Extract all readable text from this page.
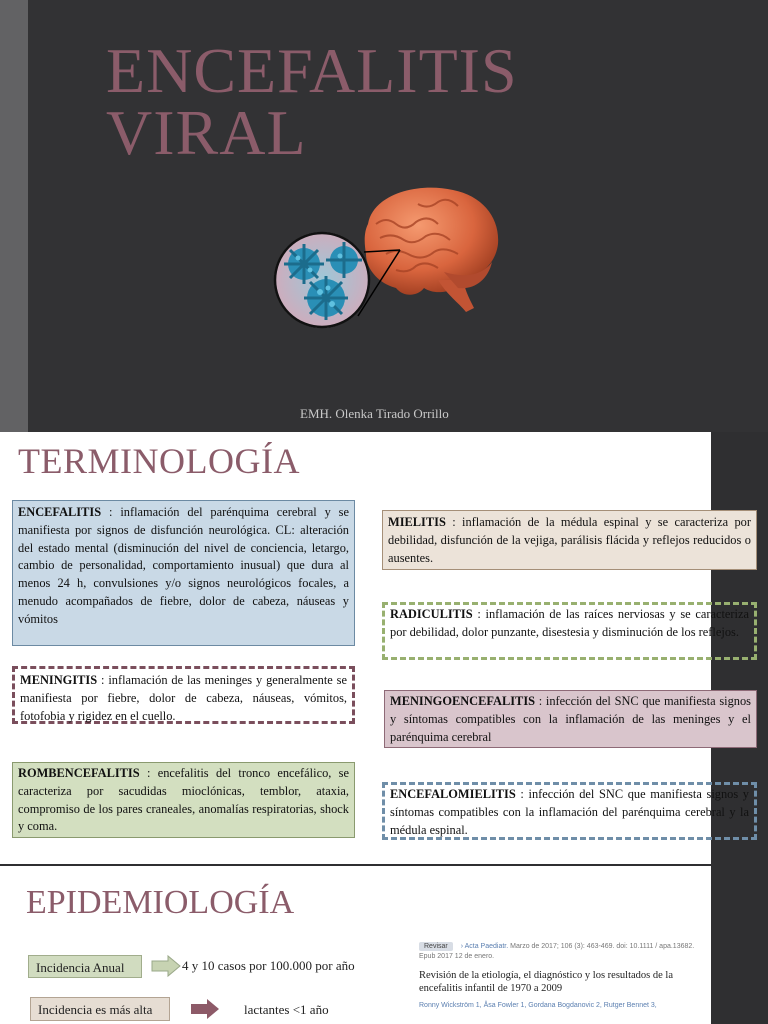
ENCEFALITIS
VIRAL
EMH. Olenka Tirado Orrillo
TERMINOLOGÍA
ENCEFALITIS : inflamación del parénquima cerebral y se manifiesta por signos de disfunción neurológica. CL: alteración del estado mental (disminución del nivel de conciencia, letargo, cambio de personalidad, comportamiento inusual) que dura al menos 24 h, convulsiones y/o signos neurológicos focales, a menudo acompañados de fiebre, dolor de cabeza, náuseas y vómitos
MENINGITIS : inflamación de las meninges y generalmente se manifiesta por fiebre, dolor de cabeza, náuseas, vómitos, fotofobia y rigidez en el cuello.
ROMBENCEFALITIS : encefalitis del tronco encefálico, se caracteriza por sacudidas mioclónicas, temblor, ataxia, compromiso de los pares craneales, anomalías respiratorias, shock y coma.
MIELITIS : inflamación de la médula espinal y se caracteriza por debilidad, disfunción de la vejiga, parálisis flácida y reflejos reducidos o ausentes.
RADICULITIS : inflamación de las raíces nerviosas y se caracteriza por debilidad, dolor punzante, disestesia y disminución de los reflejos.
MENINGOENCEFALITIS : infección del SNC que manifiesta signos y síntomas compatibles con la inflamación de las meninges y el parénquima cerebral
ENCEFALOMIELITIS : infección del SNC que manifiesta signos y síntomas compatibles con la inflamación del parénquima cerebral y la médula espinal.
EPIDEMIOLOGÍA
Incidencia Anual	4 y 10 casos por 100.000 por año
Incidencia es más alta	lactantes <1 año
Revisar › Acta Paediatr. Marzo de 2017; 106 (3): 463-469. doi: 10.1111 / apa.13682.
Epub 2017 12 de enero.
Revisión de la etiología, el diagnóstico y los resultados de la encefalitis infantil de 1970 a 2009
Ronny Wickström 1, Åsa Fowler 1, Gordana Bogdanovic 2, Rutger Bennet 3,
